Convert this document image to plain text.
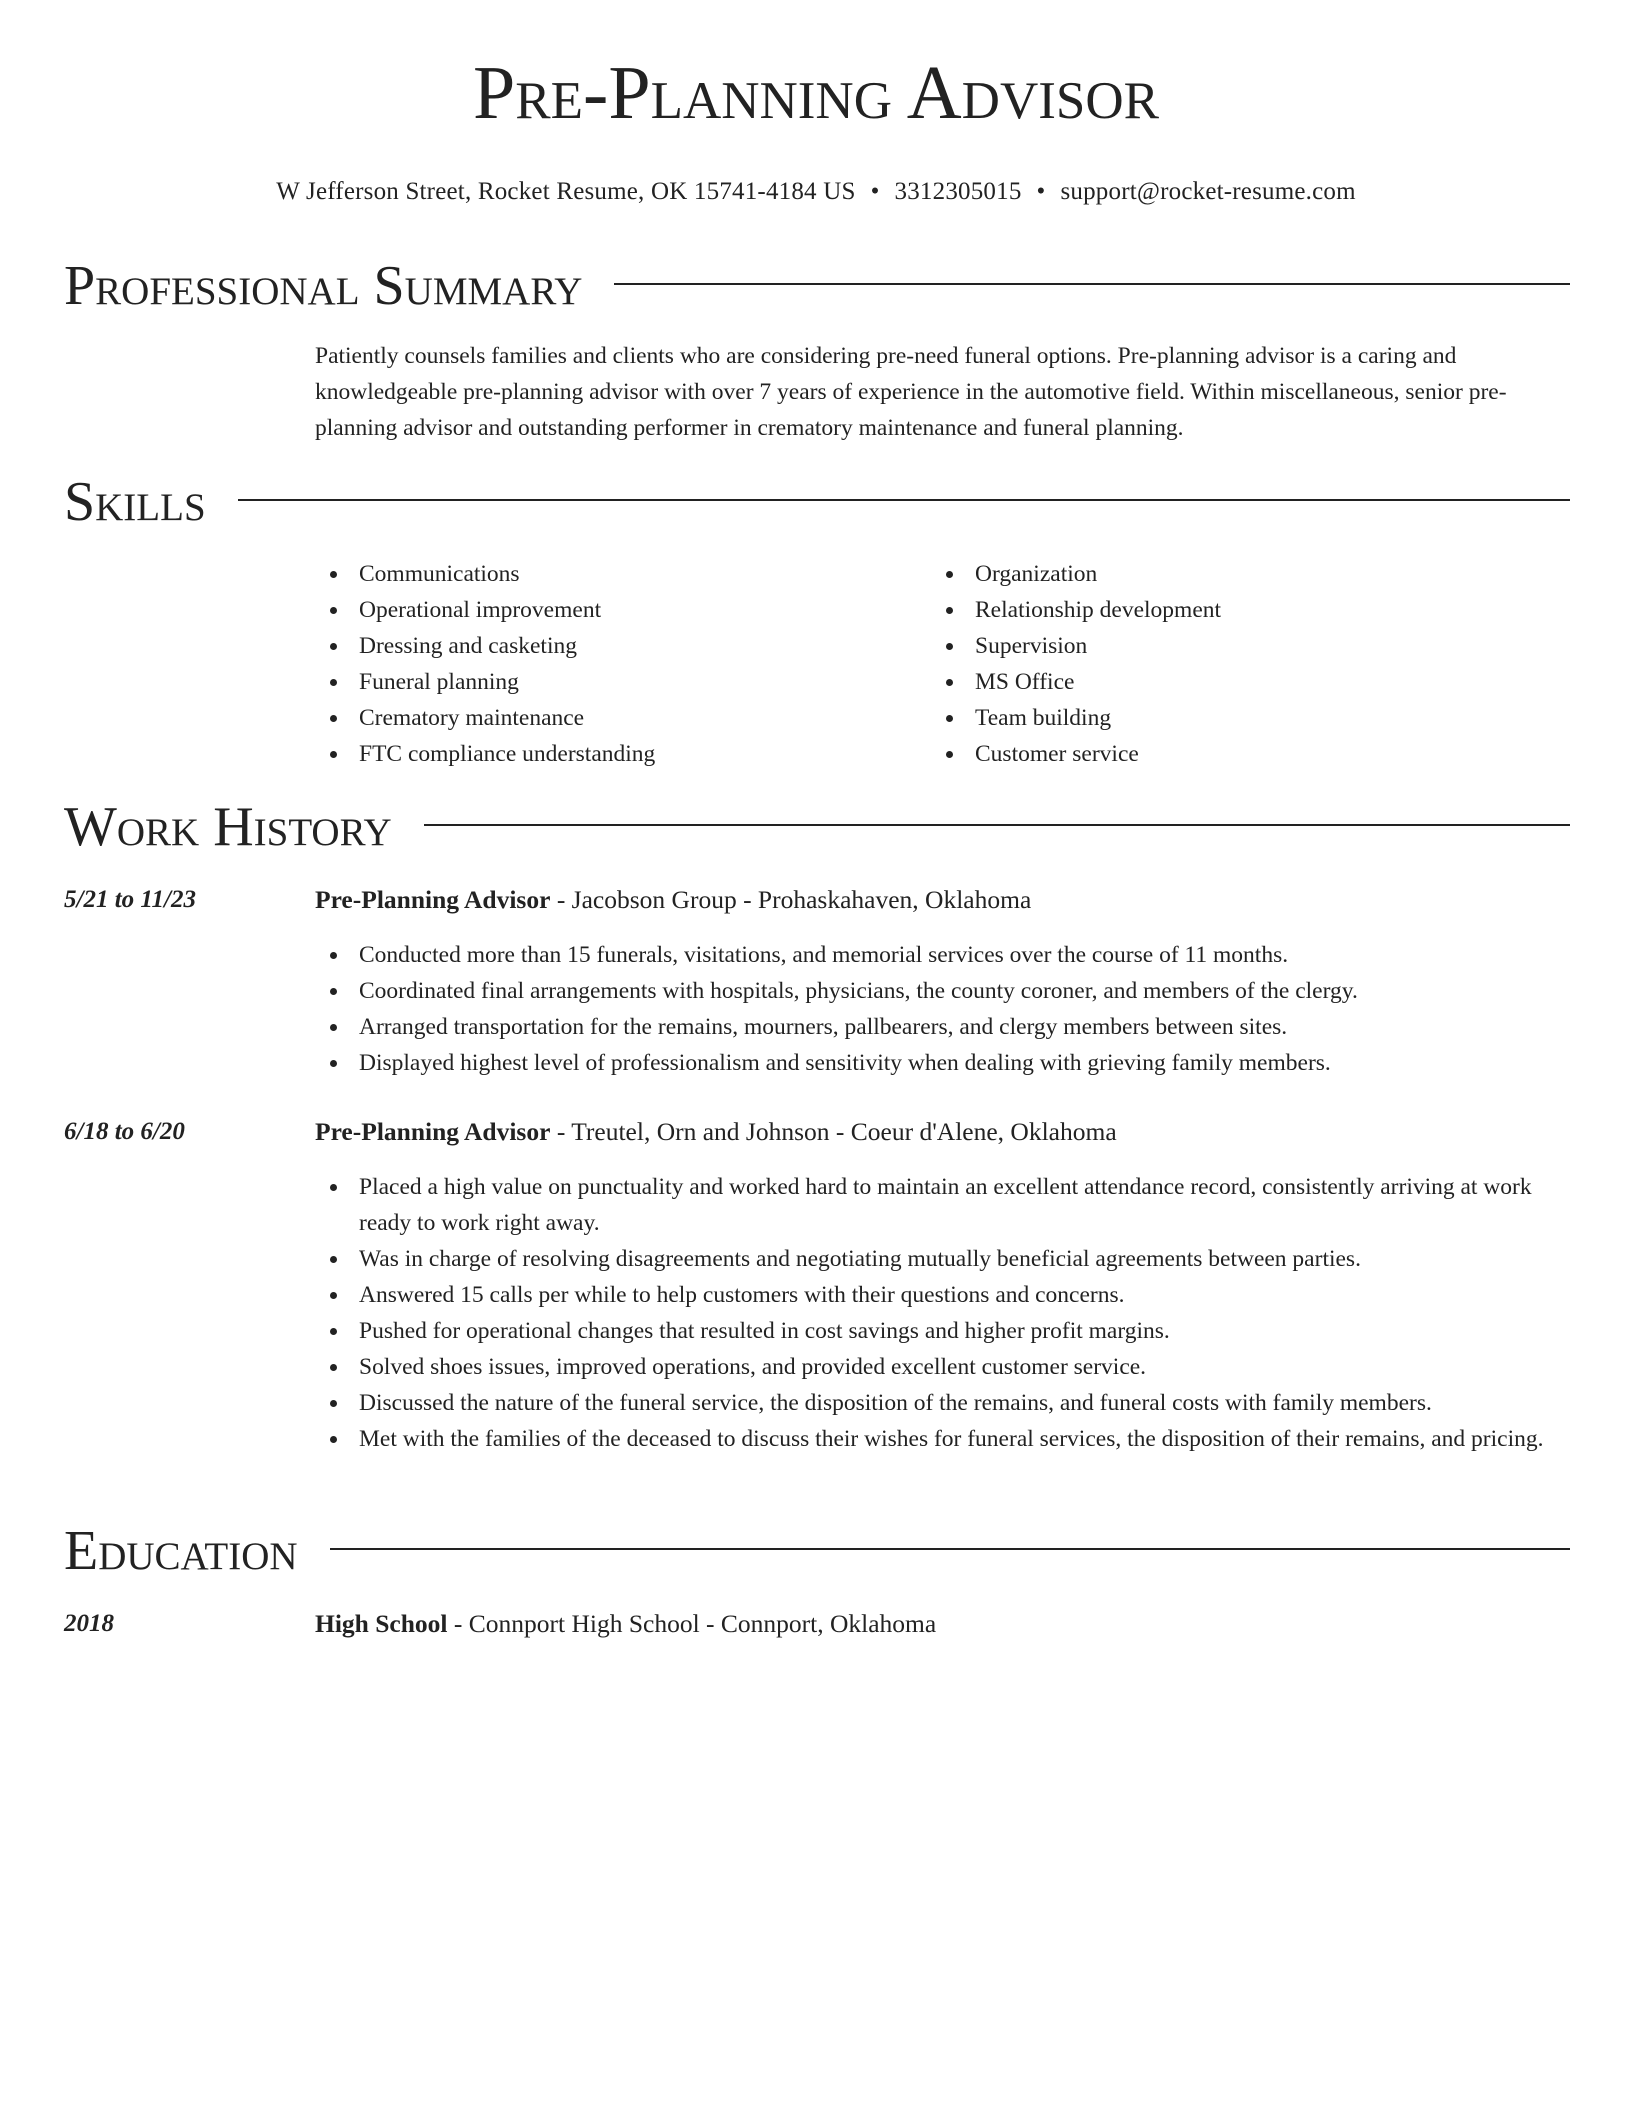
Pre-Planning Advisor
W Jefferson Street, Rocket Resume, OK 15741-4184 US • 3312305015 • support@rocket-resume.com
Professional Summary

Patiently counsels families and clients who are considering pre-need funeral options. Pre-planning advisor is a caring and knowledgeable pre-planning advisor with over 7 years of experience in the automotive field. Within miscellaneous, senior pre-planning advisor and outstanding performer in crematory maintenance and funeral planning.

Skills
Communications
Operational improvement
Dressing and casketing
Funeral planning
Crematory maintenance
FTC compliance understanding
Organization
Relationship development
Supervision
MS Office
Team building
Customer service
Work History
5/21 to 11/23	Pre-Planning Advisor - Jacobson Group - Prohaskahaven, Oklahoma
Conducted more than 15 funerals, visitations, and memorial services over the course of 11 months.
Coordinated final arrangements with hospitals, physicians, the county coroner, and members of the clergy.
Arranged transportation for the remains, mourners, pallbearers, and clergy members between sites.
Displayed highest level of professionalism and sensitivity when dealing with grieving family members.
6/18 to 6/20	Pre-Planning Advisor - Treutel, Orn and Johnson - Coeur d'Alene, Oklahoma
Placed a high value on punctuality and worked hard to maintain an excellent attendance record, consistently arriving at work ready to work right away.
Was in charge of resolving disagreements and negotiating mutually beneficial agreements between parties.
Answered 15 calls per while to help customers with their questions and concerns.
Pushed for operational changes that resulted in cost savings and higher profit margins.
Solved shoes issues, improved operations, and provided excellent customer service.
Discussed the nature of the funeral service, the disposition of the remains, and funeral costs with family members.
Met with the families of the deceased to discuss their wishes for funeral services, the disposition of their remains, and pricing.
Education
2018	High School - Connport High School - Connport, Oklahoma
